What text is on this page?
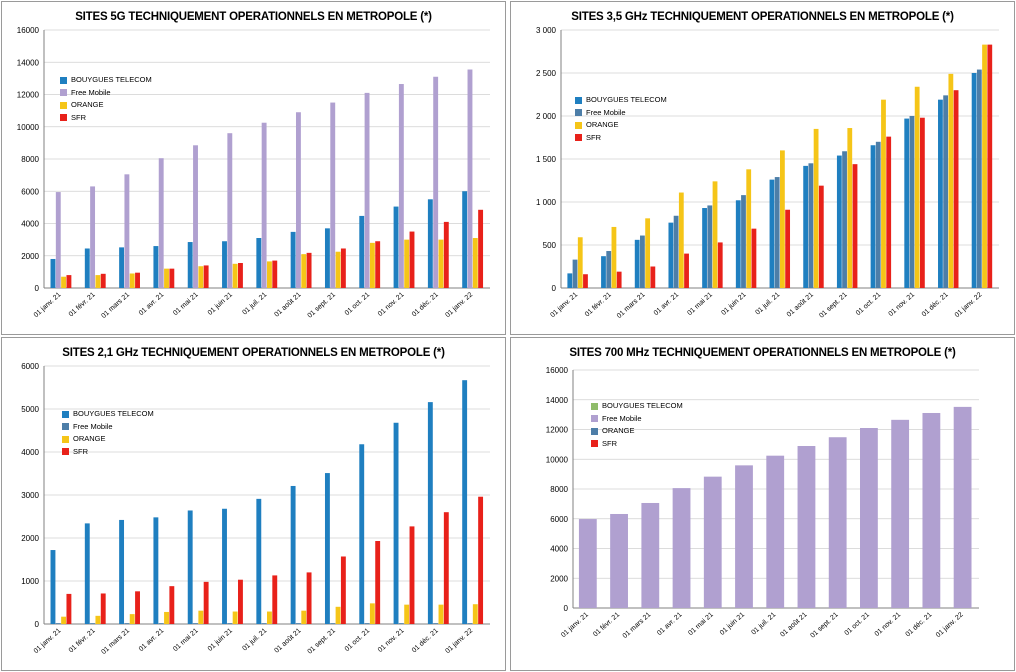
SITES 5G TECHNIQUEMENT OPERATIONNELS EN METROPOLE (*)
0
2000
4000
6000
8000
10000
12000
14000
16000
01 janv. 21 01 févr. 21 01 mars 21 01 avr. 21 01 mai 21 01 juin 21 01 juil. 21 01 août 21 01 sept. 21 01 oct. 21 01 nov. 21 01 déc. 21 01 janv. 22
BOUYGUES TELECOM
Free Mobile
ORANGE
SFR
SITES 3,5 GHz TECHNIQUEMENT OPERATIONNELS EN METROPOLE (*)
0
500
1 000
1 500
2 000
2 500
3 000
01 janv. 21 01 févr. 21 01 mars 21 01 avr. 21 01 mai 21 01 juin 21 01 juil. 21 01 août 21 01 sept. 21 01 oct. 21 01 nov. 21 01 déc. 21 01 janv. 22
BOUYGUES TELECOM
Free Mobile
ORANGE
SFR
SITES 2,1 GHz TECHNIQUEMENT OPERATIONNELS EN METROPOLE (*)
0
1000
2000
3000
4000
5000
6000
01 janv. 21 01 févr. 21 01 mars 21 01 avr. 21 01 mai 21 01 juin 21 01 juil. 21 01 août 21 01 sept. 21 01 oct. 21 01 nov. 21 01 déc. 21 01 janv. 22
BOUYGUES TELECOM
Free Mobile
ORANGE
SFR
SITES 700 MHz TECHNIQUEMENT OPERATIONNELS EN METROPOLE (*)
0
2000
4000
6000
8000
10000
12000
14000
16000
01 janv. 21 01 févr. 21 01 mars 21 01 avr. 21 01 mai 21 01 juin 21 01 juil. 21 01 août 21 01 sept. 21 01 oct. 21 01 nov. 21 01 déc. 21 01 janv. 22
BOUYGUES TELECOM
Free Mobile
ORANGE
SFR
